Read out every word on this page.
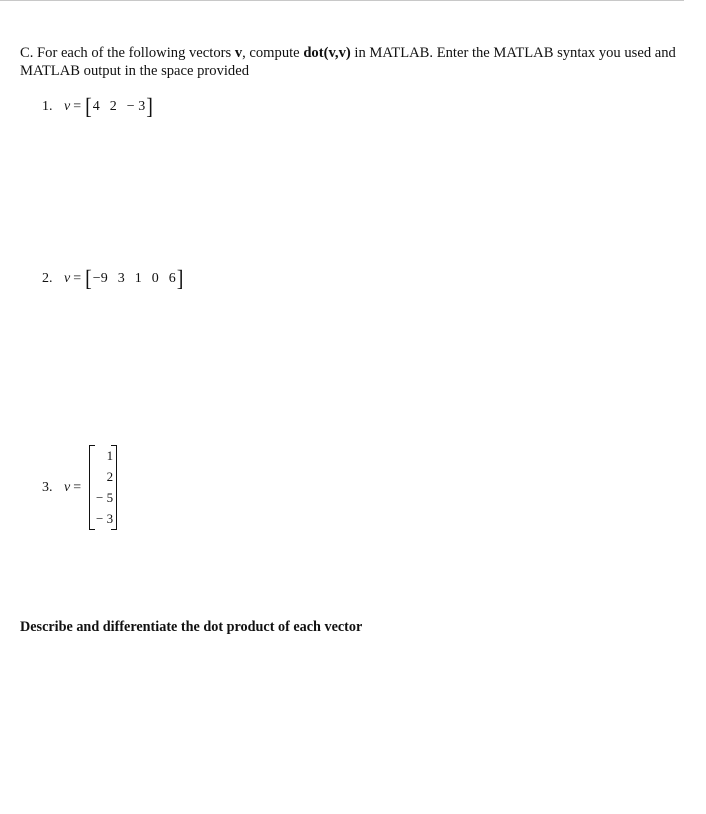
C. For each of the following vectors v, compute dot(v,v) in MATLAB. Enter the MATLAB syntax you used and MATLAB output in the space provided
1. v = [ 4 2 − 3 ]
2. v = [ −9 3 1 0 6 ]
3. v =
1
2
− 5
− 3
Describe and differentiate the dot product of each vector
